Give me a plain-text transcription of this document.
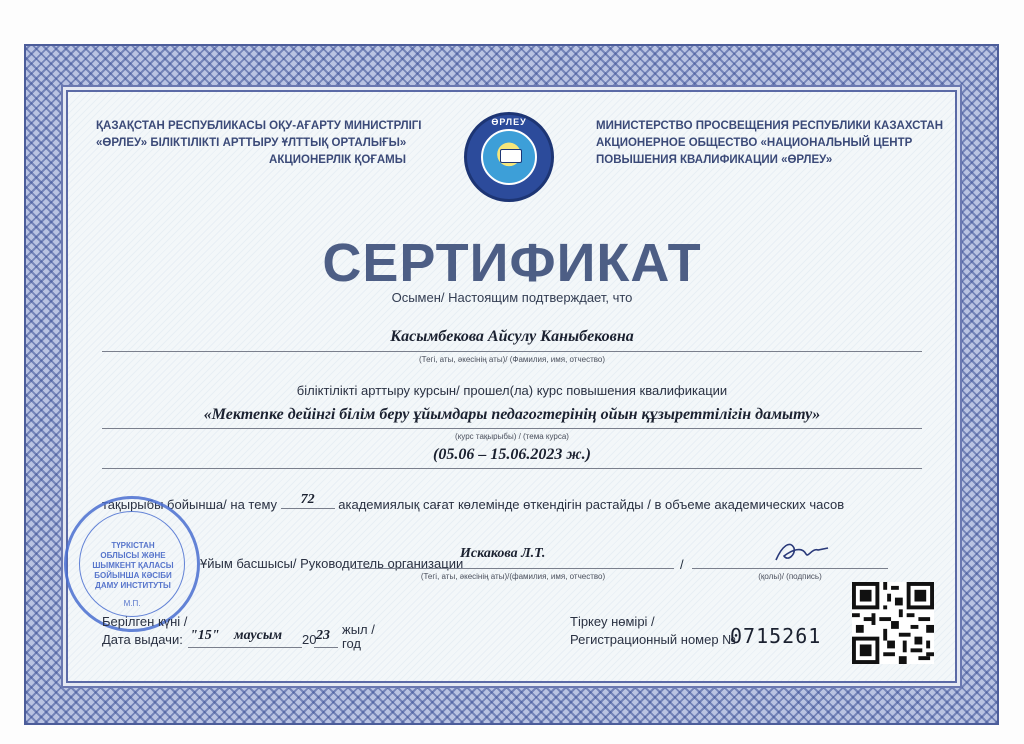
ҚАЗАҚСТАН РЕСПУБЛИКАСЫ ОҚУ-АҒАРТУ МИНИСТРЛІГІ
«ӨРЛЕУ» БІЛІКТІЛІКТІ АРТТЫРУ ҰЛТТЫҚ ОРТАЛЫҒЫ»
АКЦИОНЕРЛІК ҚОҒАМЫ
ӨРЛЕУ	МИНИСТЕРСТВО ПРОСВЕЩЕНИЯ РЕСПУБЛИКИ КАЗАХСТАН
АКЦИОНЕРНОЕ ОБЩЕСТВО «НАЦИОНАЛЬНЫЙ ЦЕНТР
ПОВЫШЕНИЯ КВАЛИФИКАЦИИ «ӨРЛЕУ»
СЕРТИФИКАТ
Осымен/ Настоящим подтверждает, что
Касымбекова Айсулу Каныбековна
(Тегі, аты, әкесінің аты)/ (Фамилия, имя, отчество)
біліктілікті арттыру курсын/ прошел(ла) курс повышения квалификации
«Мектепке дейінгі білім беру ұйымдары педагогтерінің ойын құзыреттілігін дамыту»
(курс тақырыбы) / (тема курса)
(05.06 – 15.06.2023 ж.)
тақырыбы бойынша/ на тему 72 академиялық сағат көлемінде өткендігін растайды / в объеме академических часов
Ұйым басшысы/ Руководитель организации
Искакова Л.Т.
(Тегі, аты, әкесінің аты)/(фамилия, имя, отчество)
/
(қолы)/ (подпись)
ТҮРКІСТАН
ОБЛЫСЫ ЖӘНЕ
ШЫМКЕНТ ҚАЛАСЫ
БОЙЫНША КӘСІБИ
ДАМУ ИНСТИТУТЫ
М.П.
Берілген күні /
Дата выдачи: "15" маусым 20 23 жыл /
год
Тіркеу нөмірі /
Регистрационный номер №
0715261
